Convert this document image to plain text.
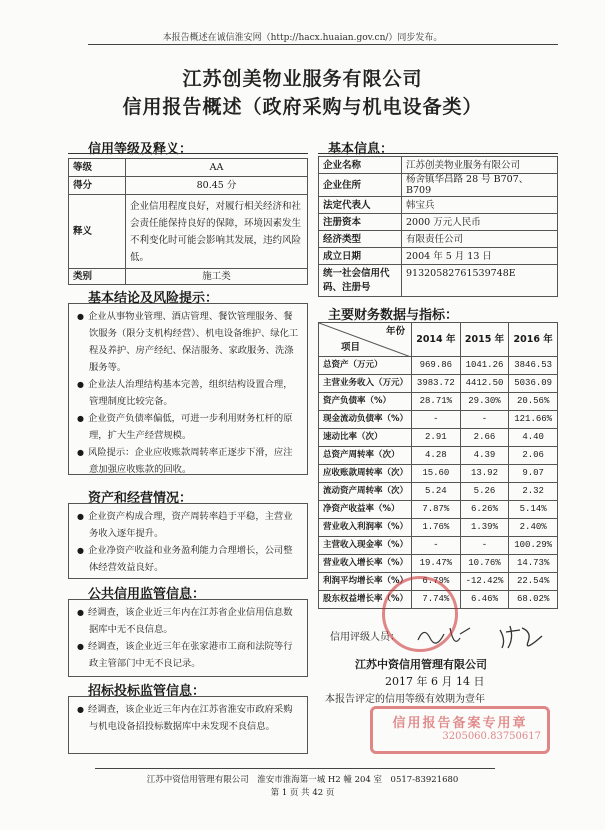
本报告概述在诚信淮安网（http://hacx.huaian.gov.cn/）同步发布。
江苏创美物业服务有限公司
信用报告概述（政府采购与机电设备类）
信用等级及释义：
等级	AA
得分	80.45 分
释义	企业信用程度良好，对履行相关经济和社会责任能保持良好的保障，环境因素发生不利变化时可能会影响其发展，违约风险低。
类别	施工类
基本结论及风险提示：

● 企业从事物业管理、酒店管理、餐饮管理服务、餐饮服务（限分支机构经营）、机电设备维护、绿化工程及养护、房产经纪、保洁服务、家政服务、洗涤服务等。

● 企业法人治理结构基本完善，组织结构设置合理，管理制度比较完备。

● 企业资产负债率偏低，可进一步利用财务杠杆的原理，扩大生产经营规模。

● 风险提示：企业应收账款周转率正逐步下滑，应注意加强应收账款的回收。

资产和经营情况：

● 企业资产构成合理，资产周转率趋于平稳，主营业务收入逐年提升。

● 企业净资产收益和业务盈利能力合理增长，公司整体经营效益良好。

公共信用监管信息：

● 经调查，该企业近三年内在江苏省企业信用信息数据库中无不良信息。

● 经调查，该企业近三年在张家港市工商和法院等行政主管部门中无不良记录。

招标投标监管信息：

● 经调查，该企业近三年内在江苏省淮安市政府采购与机电设备招投标数据库中未发现不良信息。

基本信息：
企业名称	江苏创美物业服务有限公司
企业住所	杨舍镇华昌路 28 号 B707、B709
法定代表人	韩宝兵
注册资本	2000 万元人民币
经济类型	有限责任公司
成立日期	2004 年 5 月 13 日
统一社会信用代码、注册号	91320582761539748E
主要财务数据与指标：
年份
项目	2014 年	2015 年	2016 年
总资产（万元）	969.86	1041.26	3846.53
主营业务收入（万元）	3983.72	4412.50	5036.09
资产负债率（%）	28.71%	29.30%	20.56%
现金流动负债率（%）	-	-	121.66%
速动比率（次）	2.91	2.66	4.40
总资产周转率（次）	4.28	4.39	2.06
应收账款周转率（次）	15.60	13.92	9.07
流动资产周转率（次）	5.24	5.26	2.32
净资产收益率（%）	7.87%	6.26%	5.14%
营业收入利润率（%）	1.76%	1.39%	2.40%
主营收入现金率（%）	-	-	100.29%
营业收入增长率（%）	19.47%	10.76%	14.73%
利润平均增长率（%）	6.79%	-12.42%	22.54%
股东权益增长率（%）	7.74%	6.46%	68.02%
信用评级人员：
江苏中资信用管理有限公司
2017 年 6 月 14 日
本报告评定的信用等级有效期为壹年
信用报告备案专用章
3205060.83750617
江苏中资信用管理有限公司　淮安市淮海第一城 H2 幢 204 室　0517-83921680
第 1 页 共 42 页
